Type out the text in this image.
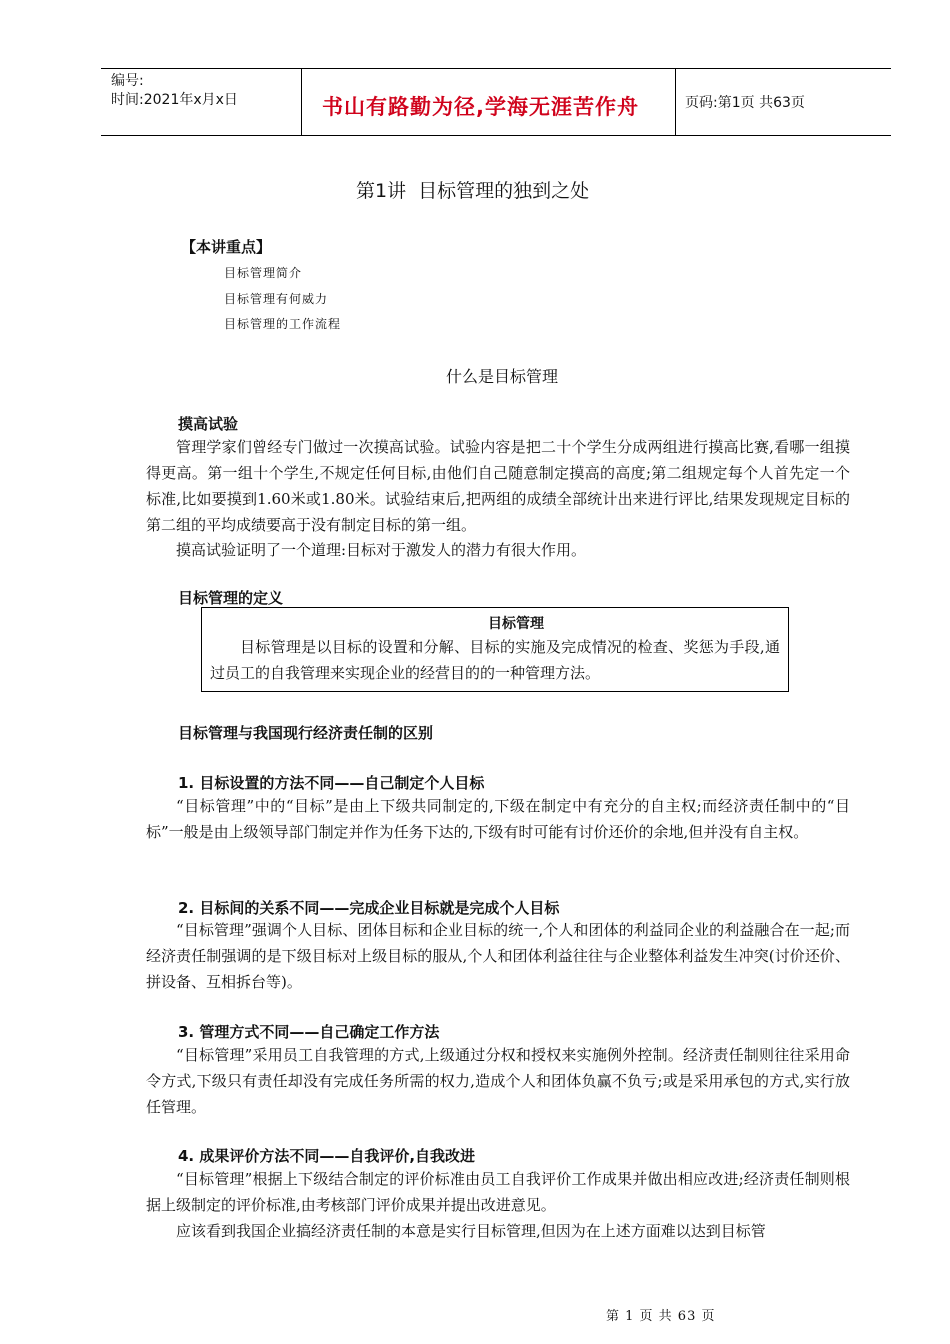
编号:
时间:2021年x月x日	书山有路勤为径,学海无涯苦作舟	页码:第1页 共63页
第1讲  目标管理的独到之处
【本讲重点】
目标管理简介
目标管理有何威力
目标管理的工作流程
什么是目标管理
摸高试验

管理学家们曾经专门做过一次摸高试验。试验内容是把二十个学生分成两组进行摸高比赛,看哪一组摸得更高。第一组十个学生,不规定任何目标,由他们自己随意制定摸高的高度;第二组规定每个人首先定一个标准,比如要摸到1.60米或1.80米。试验结束后,把两组的成绩全部统计出来进行评比,结果发现规定目标的第二组的平均成绩要高于没有制定目标的第一组。

摸高试验证明了一个道理:目标对于激发人的潜力有很大作用。

目标管理的定义
目标管理

目标管理是以目标的设置和分解、目标的实施及完成情况的检查、奖惩为手段,通过员工的自我管理来实现企业的经营目的的一种管理方法。

目标管理与我国现行经济责任制的区别
1. 目标设置的方法不同——自己制定个人目标

“目标管理”中的“目标”是由上下级共同制定的,下级在制定中有充分的自主权;而经济责任制中的“目标”一般是由上级领导部门制定并作为任务下达的,下级有时可能有讨价还价的余地,但并没有自主权。

2. 目标间的关系不同——完成企业目标就是完成个人目标

“目标管理”强调个人目标、团体目标和企业目标的统一,个人和团体的利益同企业的利益融合在一起;而经济责任制强调的是下级目标对上级目标的服从,个人和团体利益往往与企业整体利益发生冲突(讨价还价、拼设备、互相拆台等)。

3. 管理方式不同——自己确定工作方法

“目标管理”采用员工自我管理的方式,上级通过分权和授权来实施例外控制。经济责任制则往往采用命令方式,下级只有责任却没有完成任务所需的权力,造成个人和团体负赢不负亏;或是采用承包的方式,实行放任管理。

4. 成果评价方法不同——自我评价,自我改进

“目标管理”根据上下级结合制定的评价标准由员工自我评价工作成果并做出相应改进;经济责任制则根据上级制定的评价标准,由考核部门评价成果并提出改进意见。

应该看到我国企业搞经济责任制的本意是实行目标管理,但因为在上述方面难以达到目标管

第 1 页 共 63 页
